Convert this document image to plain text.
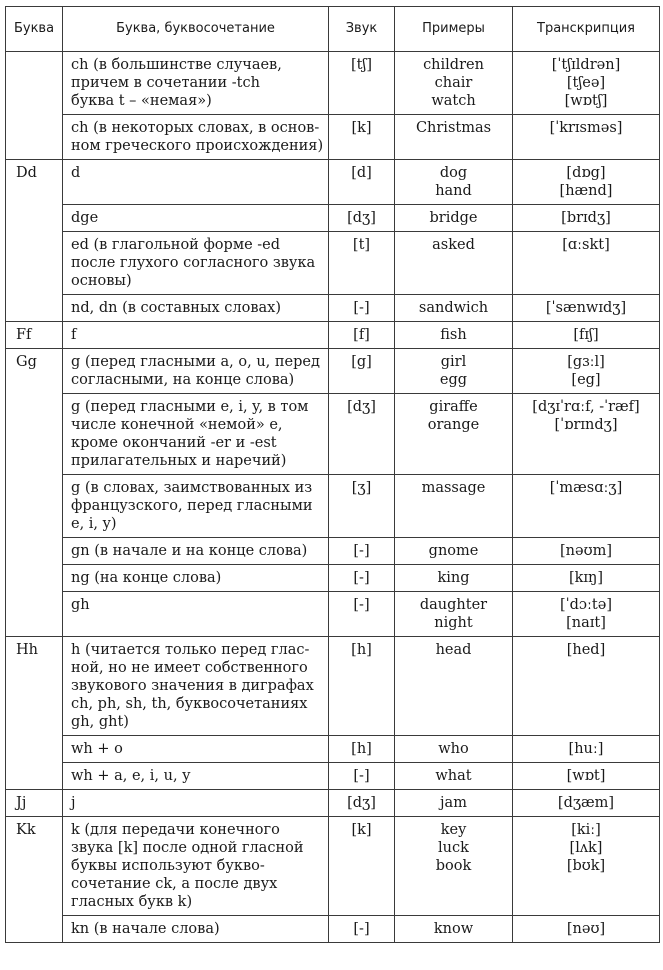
Буква	Буква, буквосочетание	Звук	Примеры	Транскрипция

	ch (в большинстве случаев,
причем в сочетании -tch
буква t – «немая»)	[tʃ]	children
chair
watch	[ˈtʃɪldrən]
[tʃeə]
[wɒtʃ]

	ch (в некоторых словах, в основ-
ном греческого происхождения)	[k]	Christmas	[ˈkrɪsməs]

Dd	d	[d]	dog
hand	[dɒg]
[hænd]

	dge	[dʒ]	bridge	[brɪdʒ]

	ed (в глагольной форме -ed
после глухого согласного звука
основы)	[t]	asked	[ɑːskt]

	nd, dn (в составных словах)	[-]	sandwich	[ˈsænwɪdʒ]

Ff	f	[f]	fish	[fɪʃ]

Gg	g (перед гласными a, o, u, перед
согласными, на конце слова)	[g]	girl
egg	[gɜːl]
[eg]

	g (перед гласными e, i, y, в том
числе конечной «немой» е,
кроме окончаний -er и -est
прилагательных и наречий)	[dʒ]	giraffe
orange	[dʒɪˈrɑːf, -ˈræf]
[ˈɒrɪndʒ]

	g (в словах, заимствованных из
французского, перед гласными
e, i, y)	[ʒ]	massage	[ˈmæsɑːʒ]

	gn (в начале и на конце слова)	[-]	gnome	[nəʊm]

	ng (на конце слова)	[-]	king	[kɪŋ]

	gh	[-]	daughter
night	[ˈdɔːtə]
[naɪt]

Hh	h (читается только перед глас-
ной, но не имеет собственного
звукового значения в диграфах
ch, ph, sh, th, буквосочетаниях
gh, ght)	[h]	head	[hed]

	wh + o	[h]	who	[huː]

	wh + a, e, i, u, y	[-]	what	[wɒt]

Jj	j	[dʒ]	jam	[dʒæm]

Kk	k (для передачи конечного
звука [k] после одной гласной
буквы используют букво-
сочетание ck, а после двух
гласных букв k)	[k]	key
luck
book	[kiː]
[lʌk]
[bʊk]

	kn (в начале слова)	[-]	know	[nəʊ]
